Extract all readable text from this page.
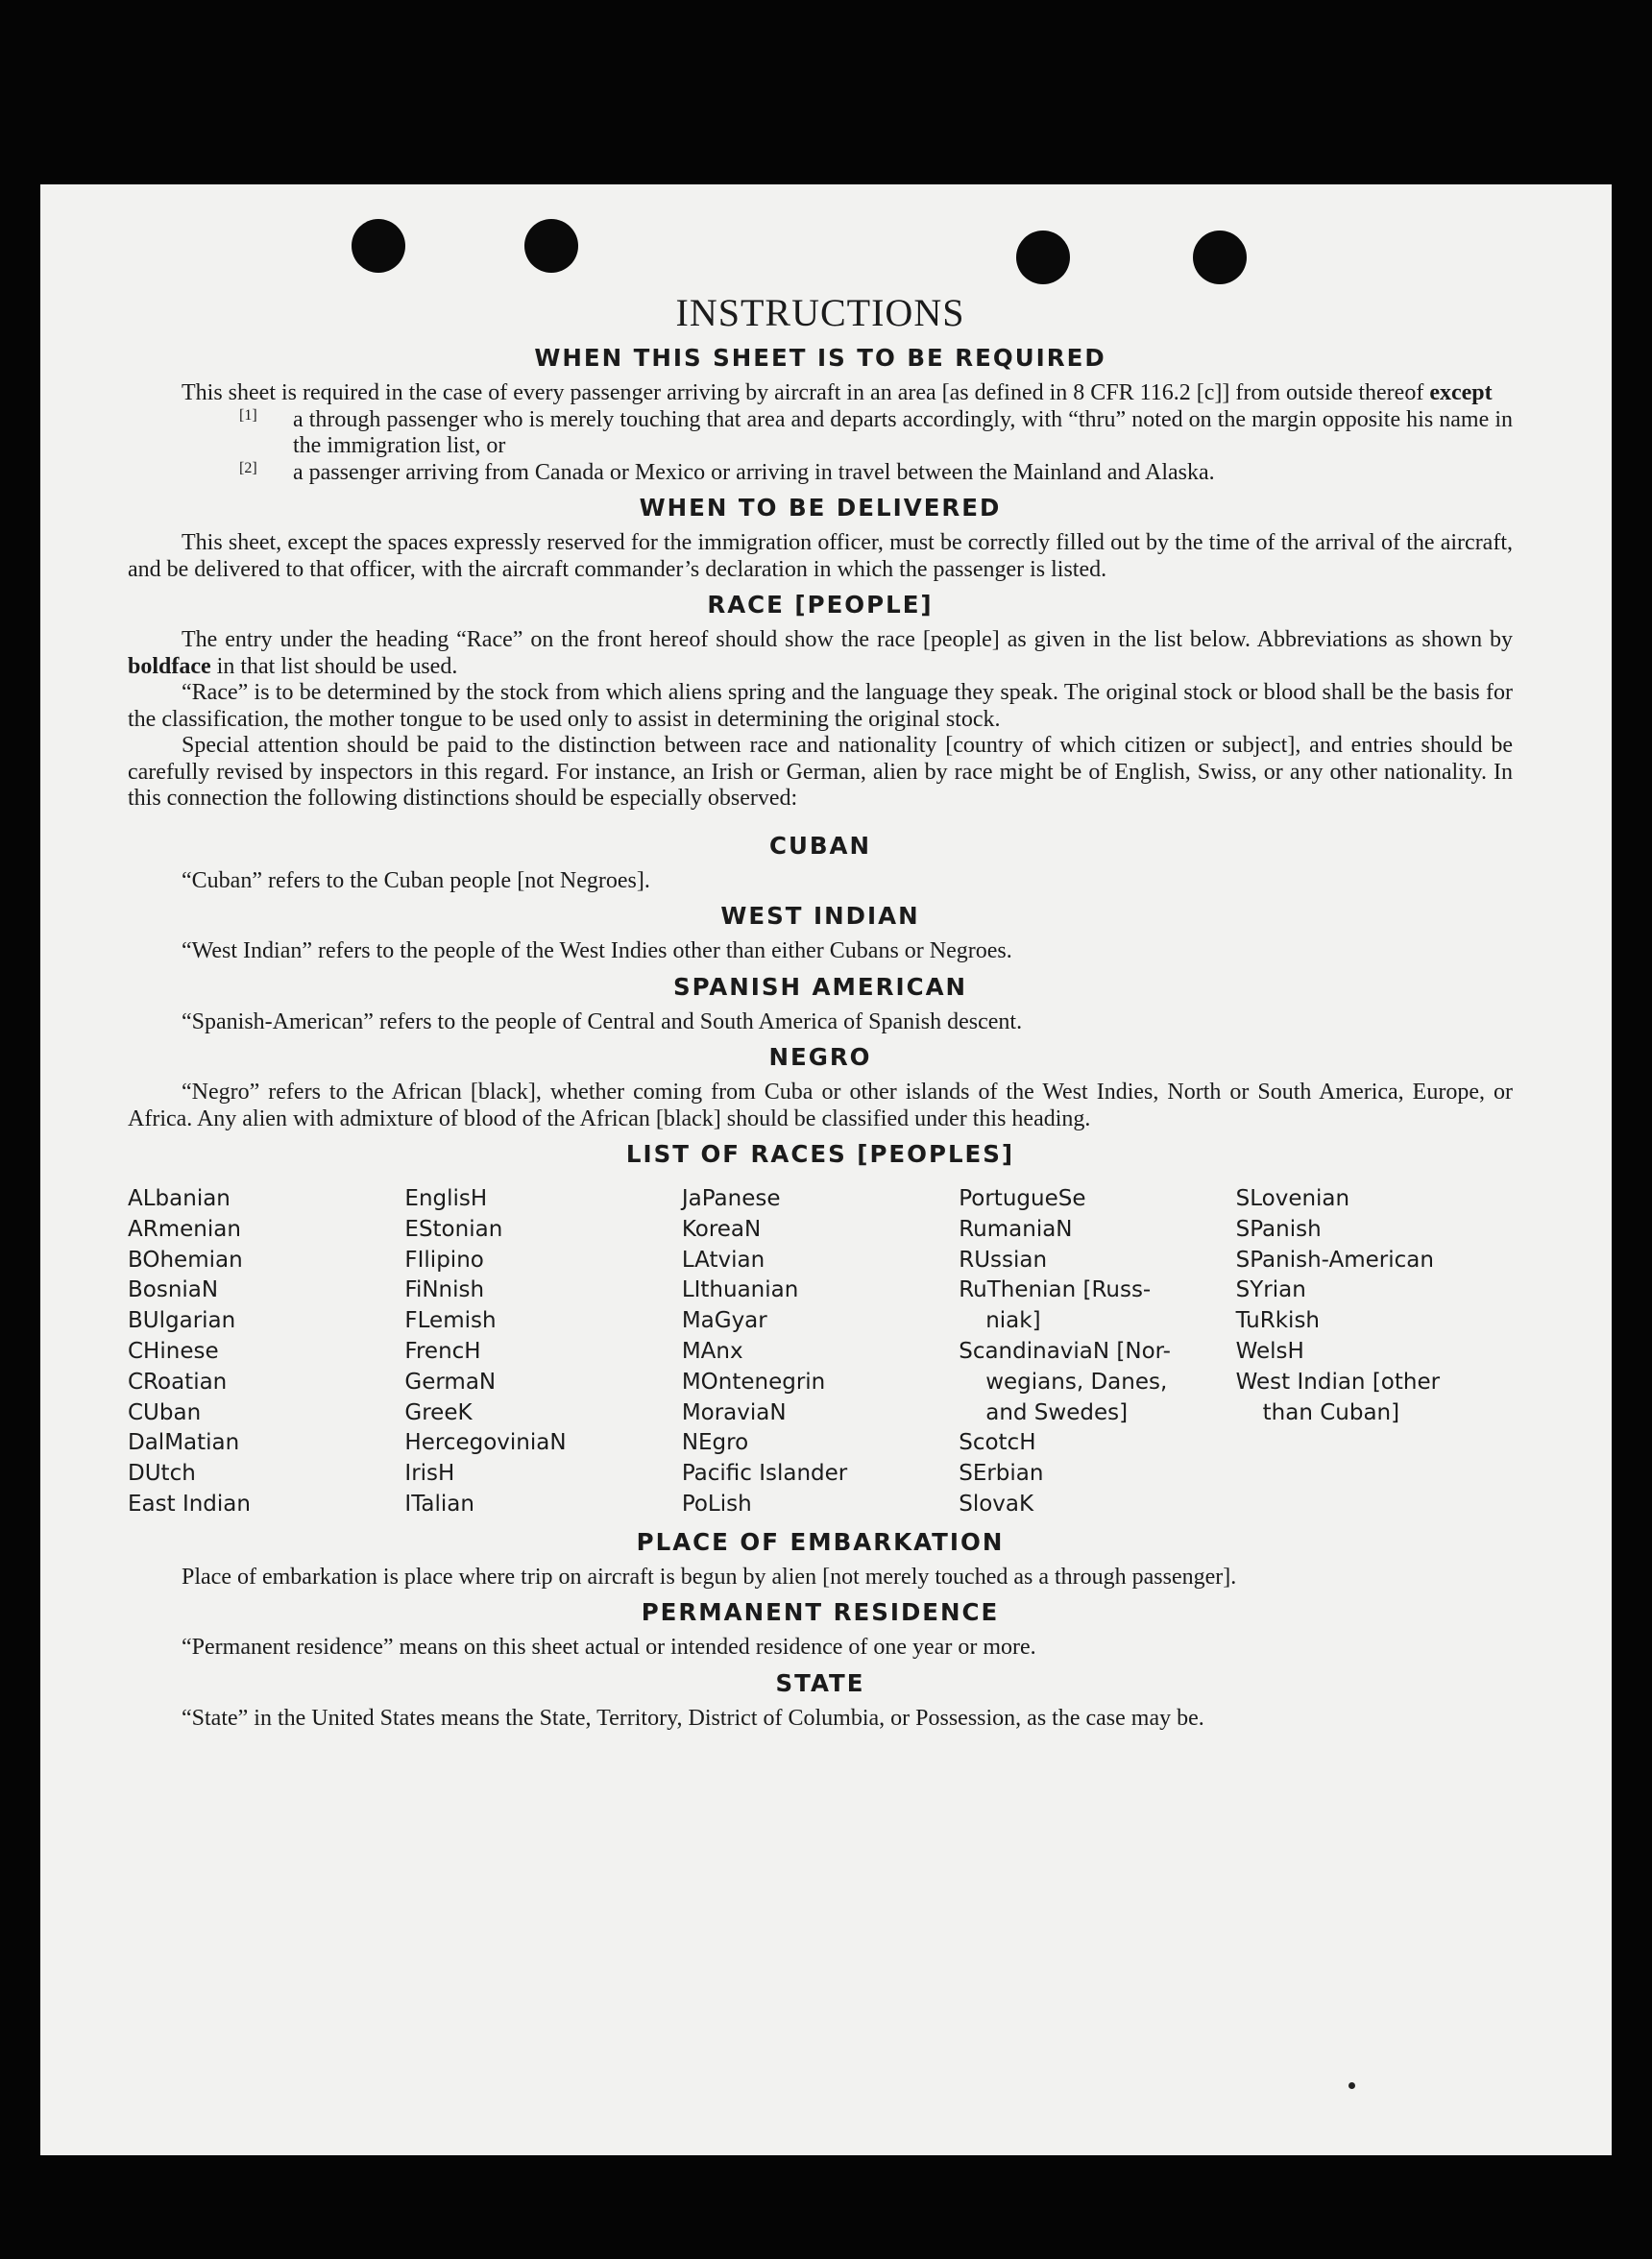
INSTRUCTIONS
WHEN THIS SHEET IS TO BE REQUIRED

This sheet is required in the case of every passenger arriving by aircraft in an area [as defined in 8 CFR 116.2 [c]] from outside thereof except

[1]	a through passenger who is merely touching that area and departs accordingly, with “thru” noted on the margin opposite his name in the immigration list, or

[2]	a passenger arriving from Canada or Mexico or arriving in travel between the Mainland and Alaska.

WHEN TO BE DELIVERED

This sheet, except the spaces expressly reserved for the immigration officer, must be correctly filled out by the time of the arrival of the aircraft, and be delivered to that officer, with the aircraft commander’s declaration in which the passenger is listed.

RACE [PEOPLE]

The entry under the heading “Race” on the front hereof should show the race [people] as given in the list below. Abbreviations as shown by boldface in that list should be used.

“Race” is to be determined by the stock from which aliens spring and the language they speak. The original stock or blood shall be the basis for the classification, the mother tongue to be used only to assist in determining the original stock.

Special attention should be paid to the distinction between race and nationality [country of which citizen or subject], and entries should be carefully revised by inspectors in this regard. For instance, an Irish or German, alien by race might be of English, Swiss, or any other nationality. In this connection the following distinctions should be especially observed:

CUBAN

“Cuban” refers to the Cuban people [not Negroes].

WEST INDIAN

“West Indian” refers to the people of the West Indies other than either Cubans or Negroes.

SPANISH AMERICAN

“Spanish-American” refers to the people of Central and South America of Spanish descent.

NEGRO

“Negro” refers to the African [black], whether coming from Cuba or other islands of the West Indies, North or South America, Europe, or Africa. Any alien with admixture of blood of the African [black] should be classified under this heading.

LIST OF RACES [PEOPLES]
ALbanian
ARmenian
BOhemian
BosniaN
BUlgarian
CHinese
CRoatian
CUban
DalMatian
DUtch
East Indian
EnglisH
EStonian
FIlipino
FiNnish
FLemish
FrencH
GermaN
GreeK
HercegoviniaN
IrisH
ITalian
JaPanese
KoreaN
LAtvian
LIthuanian
MaGyar
MAnx
MOntenegrin
MoraviaN
NEgro
Pacific Islander
PoLish
PortugueSe
RumaniaN
RUssian
RuThenian [Russ-
niak]
ScandinaviaN [Nor-
wegians, Danes,
and Swedes]
ScotcH
SErbian
SlovaK
SLovenian
SPanish
SPanish-American
SYrian
TuRkish
WelsH
West Indian [other
than Cuban]
PLACE OF EMBARKATION

Place of embarkation is place where trip on aircraft is begun by alien [not merely touched as a through passenger].

PERMANENT RESIDENCE

“Permanent residence” means on this sheet actual or intended residence of one year or more.

STATE

“State” in the United States means the State, Territory, District of Columbia, or Possession, as the case may be.
